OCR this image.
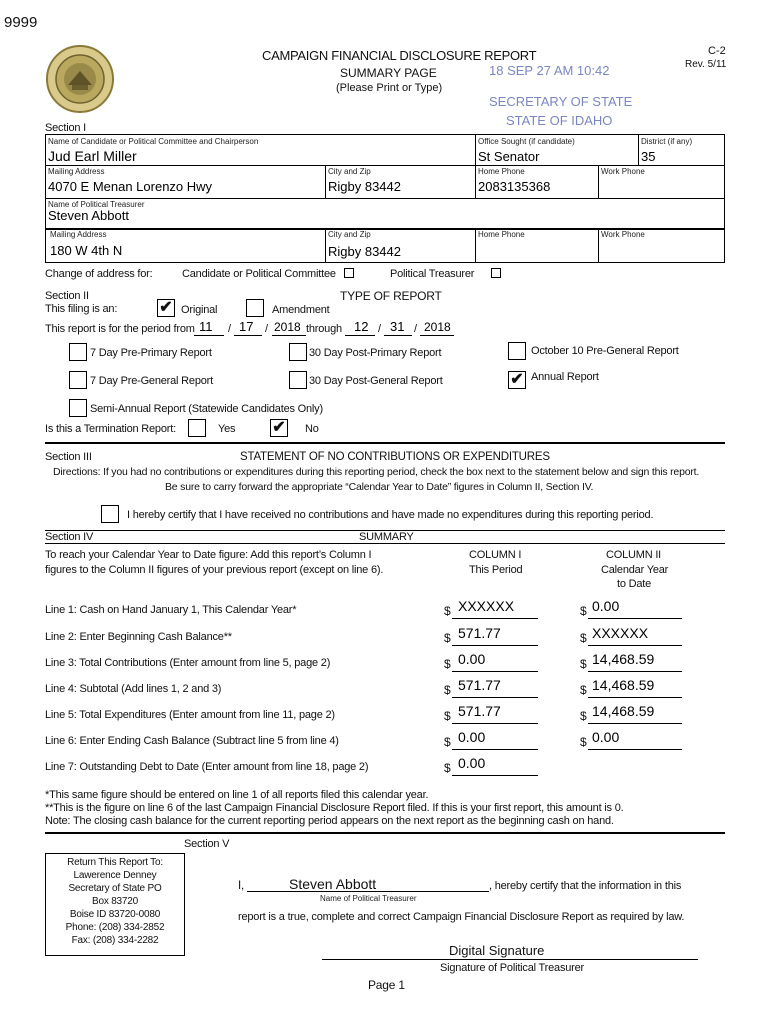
9999
CAMPAIGN FINANCIAL DISCLOSURE REPORT
SUMMARY PAGE
(Please Print or Type)
C-2
Rev. 5/11
18 SEP 27 AM 10:42
SECRETARY OF STATE
STATE OF IDAHO
Section I
Name of Candidate or Political Committee and Chairperson
Jud Earl Miller
Office Sought (if candidate)
St Senator
District (if any)
35
Mailing Address
4070 E Menan Lorenzo Hwy
City and Zip
Rigby 83442
Home Phone
2083135368
Work Phone
Name of Political Treasurer
Steven Abbott
Mailing Address
180 W 4th N
City and Zip
Rigby 83442
Home Phone	Work Phone
Change of address for:	Candidate or Political Committee	Political Treasurer
Section II	TYPE OF REPORT
This filing is an:	✔ Original	Amendment
This report is for the period from 11 / 17 / 2018 through 12 / 31 / 2018
7 Day Pre-Primary Report	30 Day Post-Primary Report	October 10 Pre-General Report
7 Day Pre-General Report	30 Day Post-General Report	✔ Annual Report
Semi-Annual Report (Statewide Candidates Only)
Is this a Termination Report:	Yes ✔ No
Section III	STATEMENT OF NO CONTRIBUTIONS OR EXPENDITURES
Directions: If you had no contributions or expenditures during this reporting period, check the box next to the statement below and sign this report.
Be sure to carry forward the appropriate “Calendar Year to Date” figures in Column II, Section IV.
I hereby certify that I have received no contributions and have made no expenditures during this reporting period.
Section IV	SUMMARY
To reach your Calendar Year to Date figure: Add this report’s Column I
figures to the Column II figures of your previous report (except on line 6).
COLUMN I
This Period
COLUMN II
Calendar Year
to Date
Line 1: Cash on Hand January 1, This Calendar Year*	$ XXXXXX	$ 0.00
Line 2: Enter Beginning Cash Balance**	$ 571.77	$ XXXXXX
Line 3: Total Contributions (Enter amount from line 5, page 2)	$ 0.00	$ 14,468.59
Line 4: Subtotal (Add lines 1, 2 and 3)	$ 571.77	$ 14,468.59
Line 5: Total Expenditures (Enter amount from line 11, page 2)	$ 571.77	$ 14,468.59
Line 6: Enter Ending Cash Balance (Subtract line 5 from line 4)	$ 0.00	$ 0.00
Line 7: Outstanding Debt to Date (Enter amount from line 18, page 2)	$ 0.00
*This same figure should be entered on line 1 of all reports filed this calendar year.
**This is the figure on line 6 of the last Campaign Financial Disclosure Report filed. If this is your first report, this amount is 0.
Note: The closing cash balance for the current reporting period appears on the next report as the beginning cash on hand.
Section V
Return This Report To:
Lawerence Denney
Secretary of State PO
Box 83720
Boise ID 83720-0080
Phone: (208) 334-2852
Fax: (208) 334-2282
I,	Steven Abbott
Name of Political Treasurer
, hereby certify that the information in this
report is a true, complete and correct Campaign Financial Disclosure Report as required by law.
Digital Signature
Signature of Political Treasurer
Page 1
